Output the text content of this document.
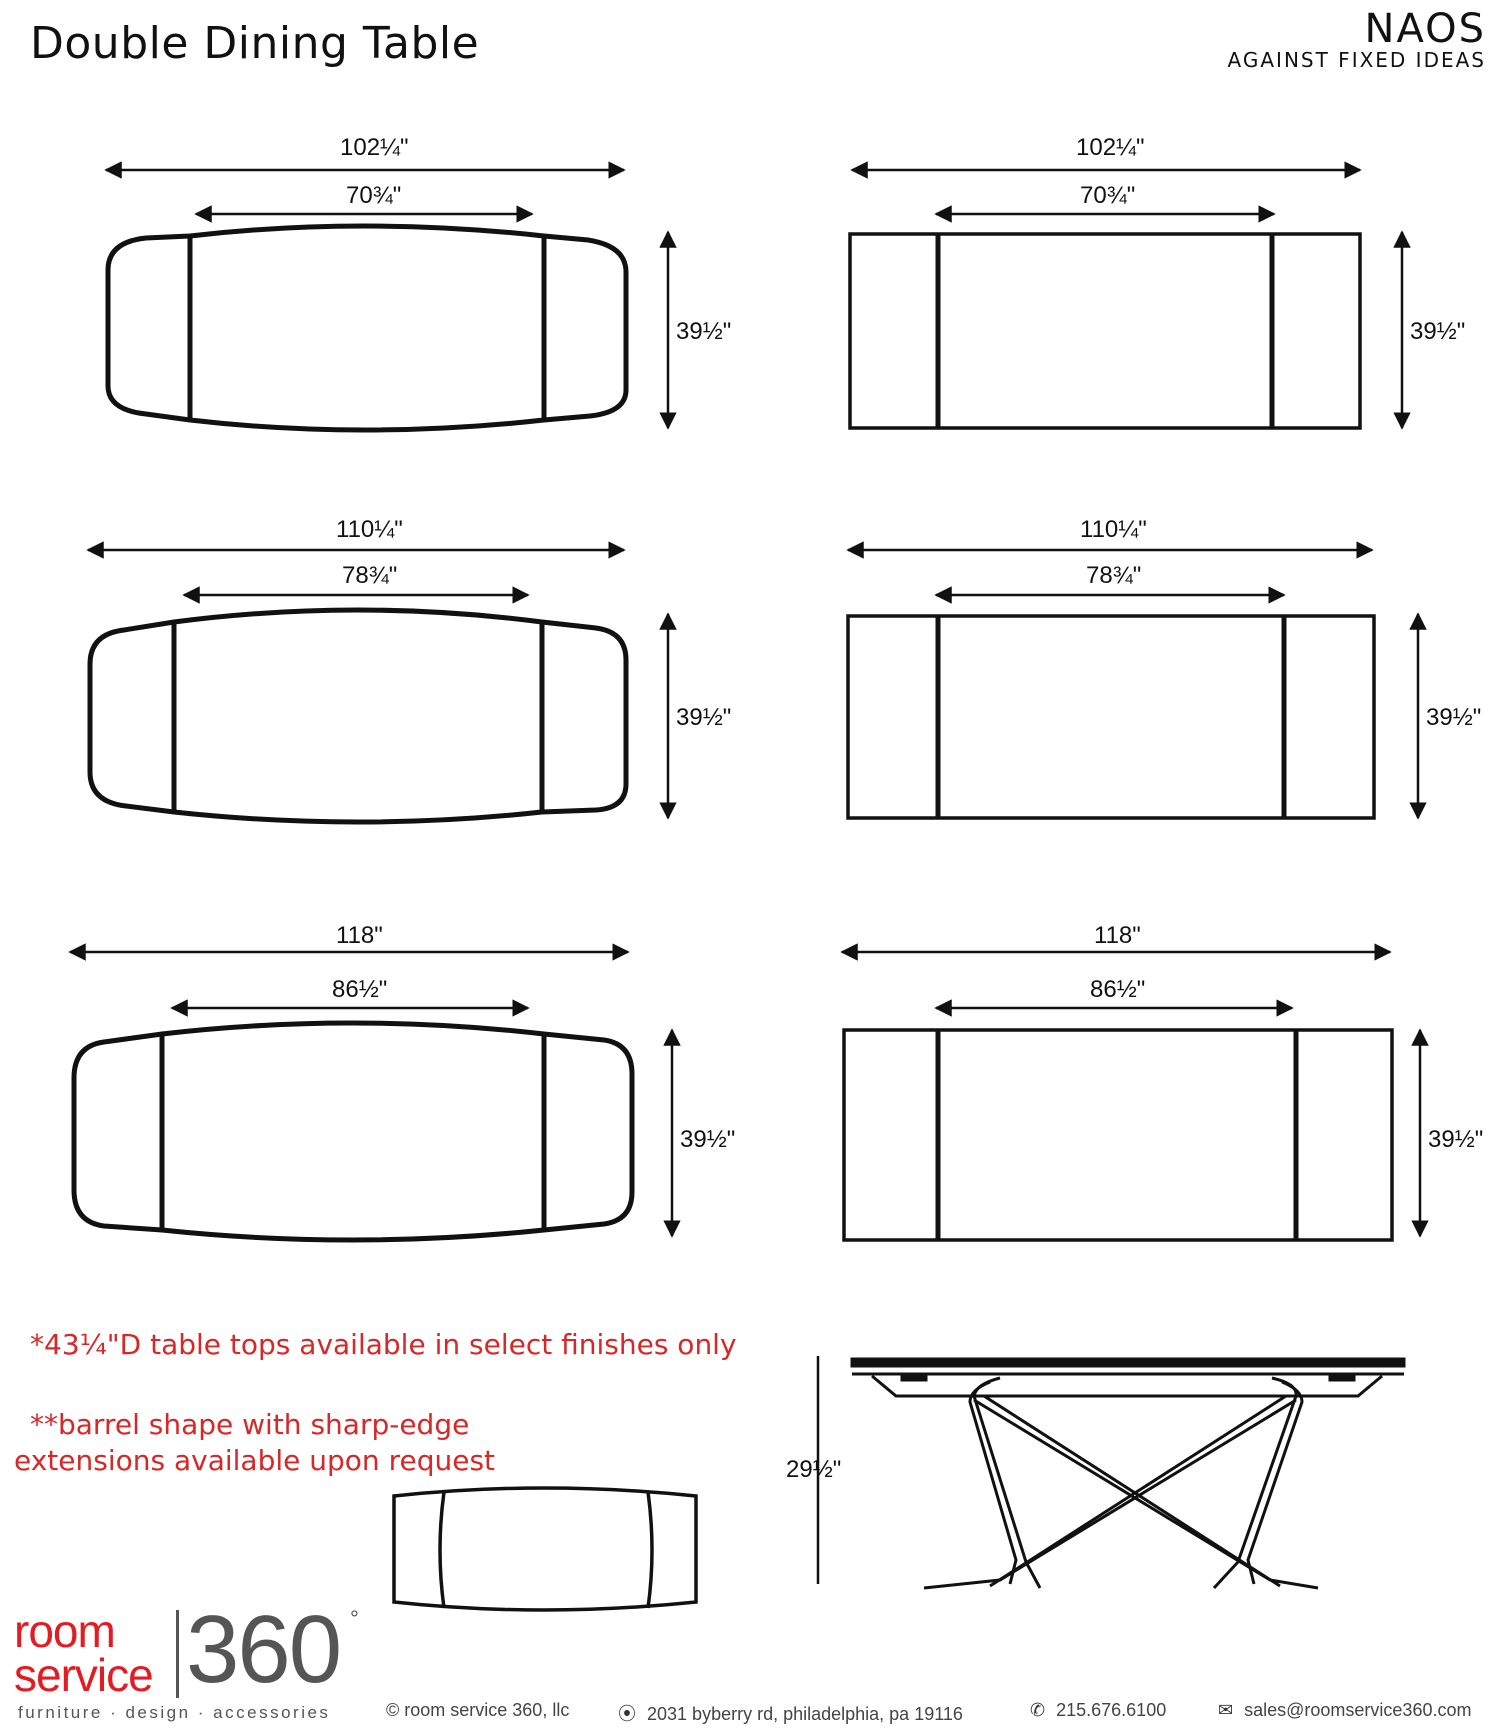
Double Dining Table	NAOS
AGAINST FIXED IDEAS
102¼"
70¾"
39½"
102¼"
70¾"
39½"
110¼"
78¾"
39½"
110¼"
78¾"
39½"
118"
86½"
39½"
118"
86½"
39½"
29½"
*43¼"D table tops available in select finishes only
**barrel shape with sharp-edge
extensions available upon request
room
service 360 °
furniture · design · accessories	© room service 360, llc	⦿ 2031 byberry rd, philadelphia, pa 19116	✆ 215.676.6100	✉ sales@roomservice360.com
